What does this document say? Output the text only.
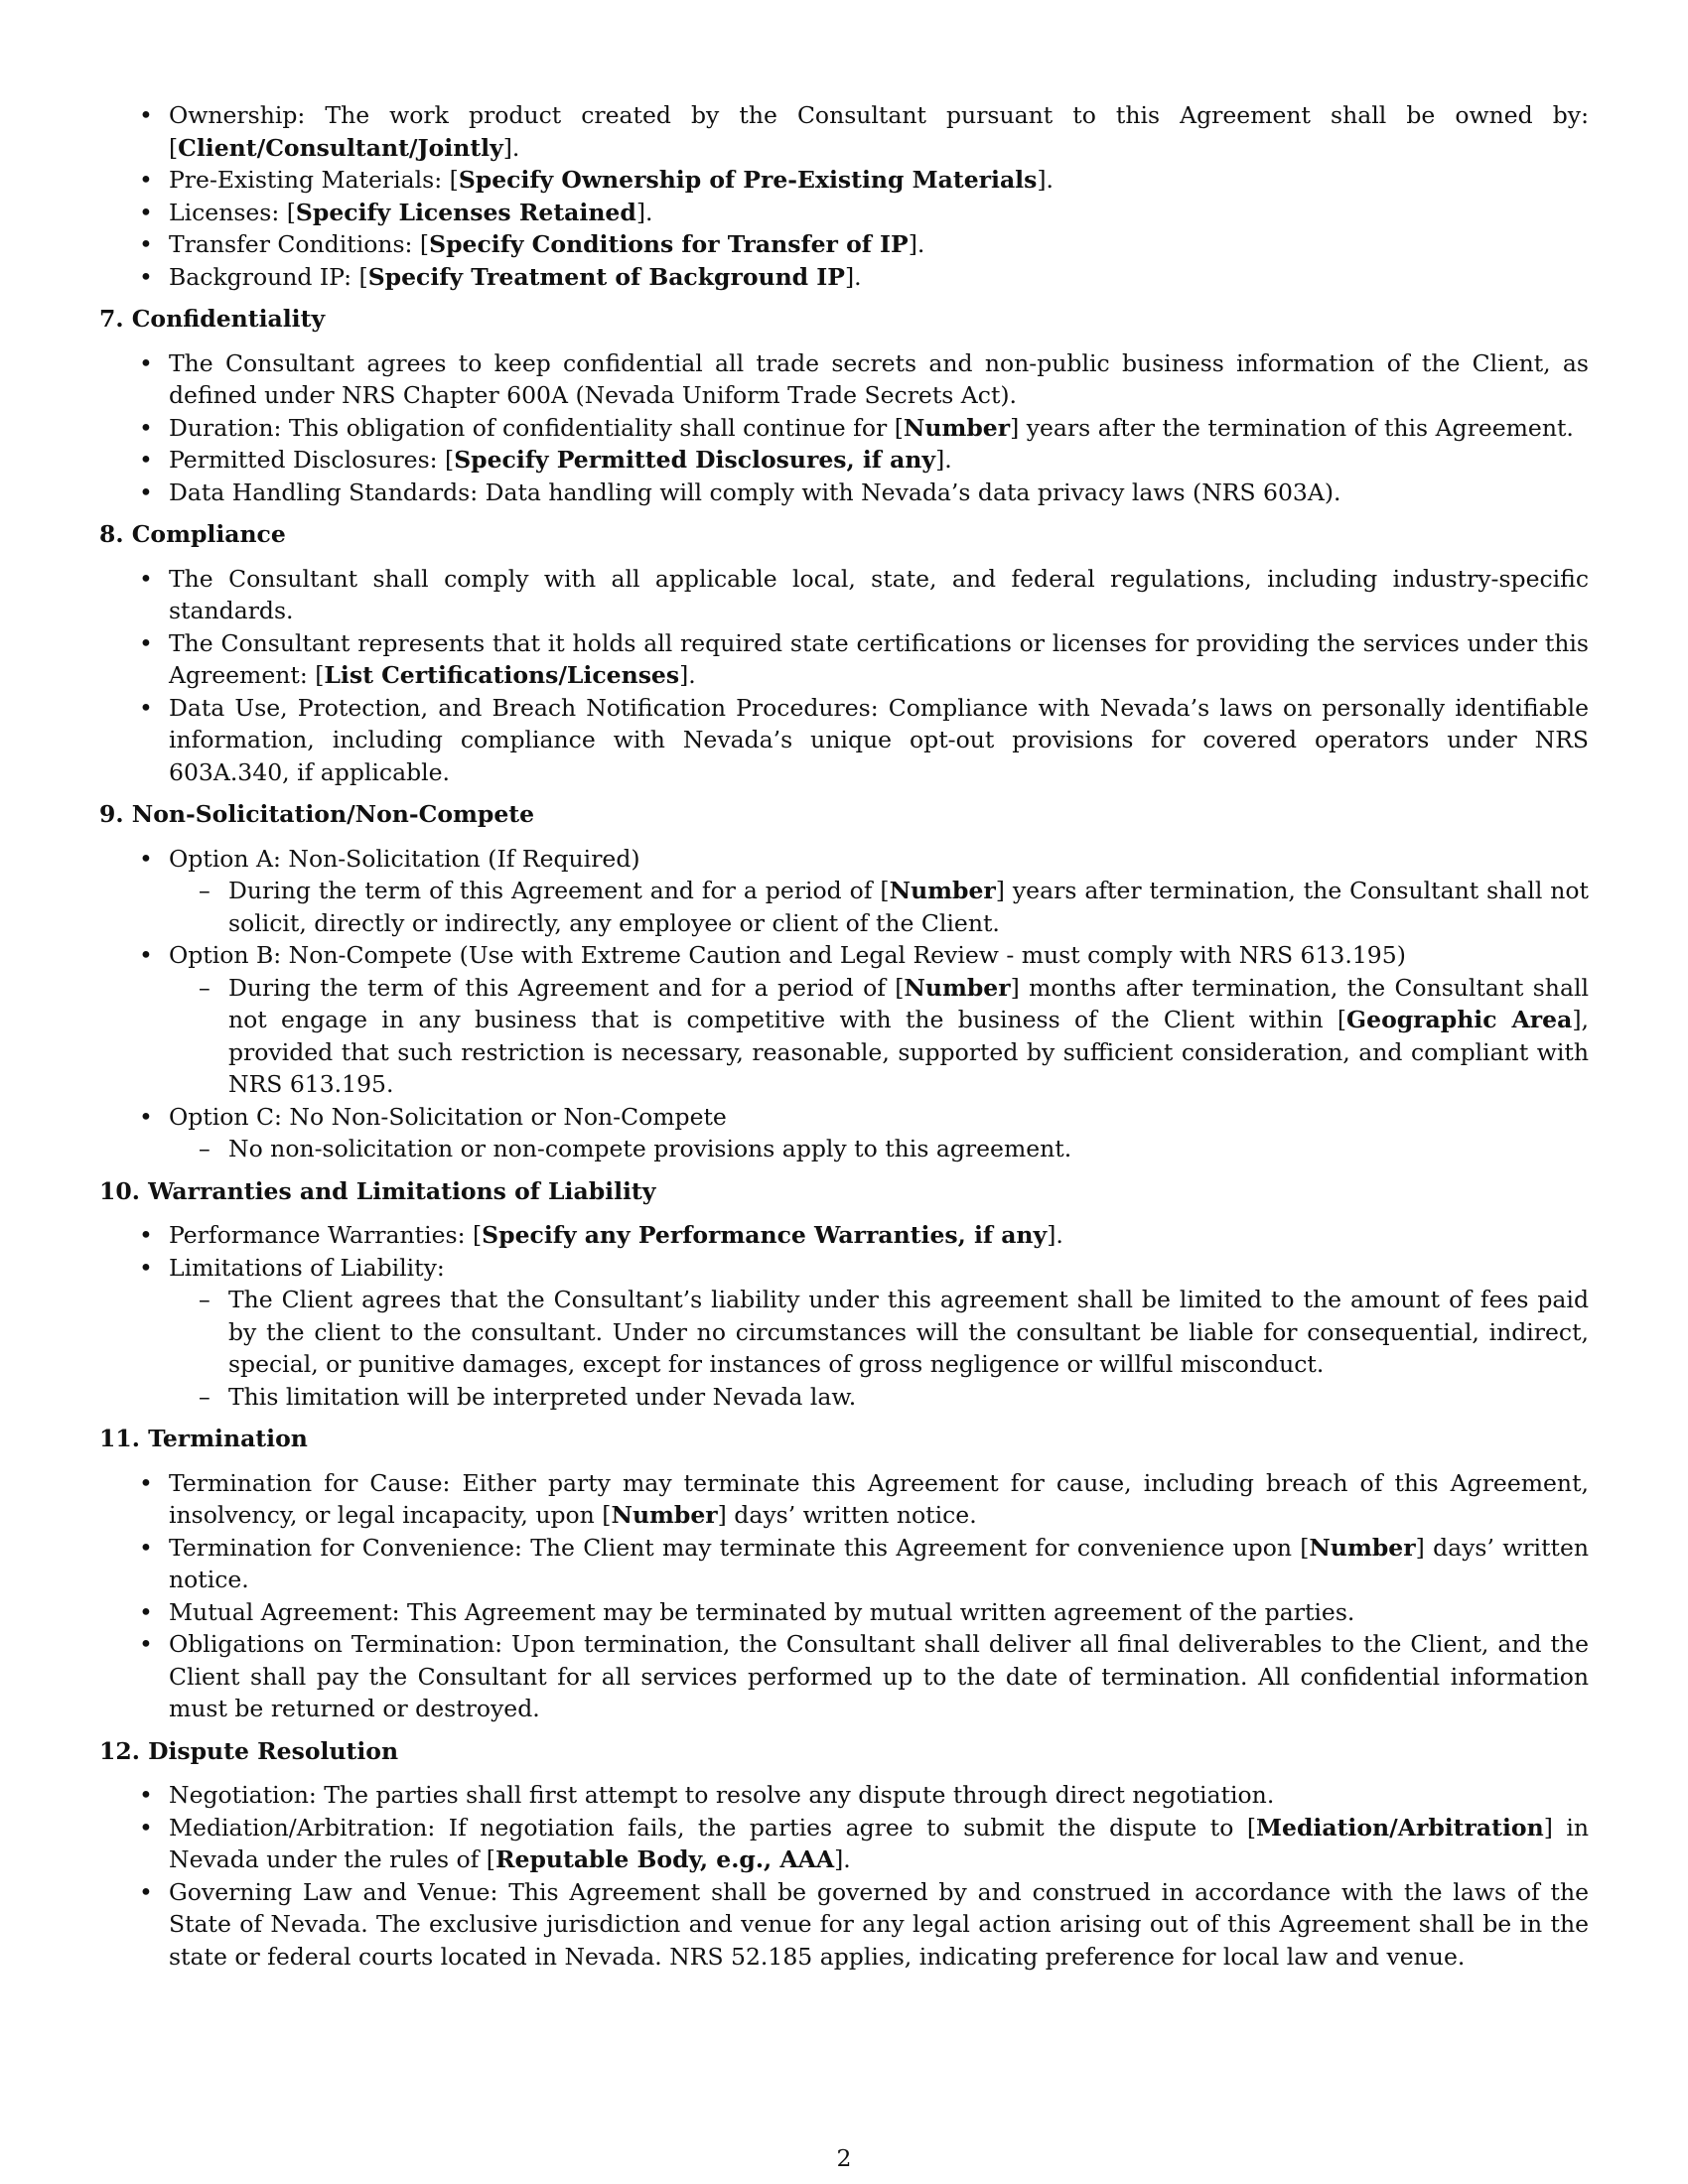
• Ownership: The work product created by the Consultant pursuant to this Agreement shall be owned by: [Client/Consultant/Jointly].
• Pre-Existing Materials: [Specify Ownership of Pre-Existing Materials].
• Licenses: [Specify Licenses Retained].
• Transfer Conditions: [Specify Conditions for Transfer of IP].
• Background IP: [Specify Treatment of Background IP].
7. Confidentiality
• The Consultant agrees to keep confidential all trade secrets and non-public business information of the Client, as defined under NRS Chapter 600A (Nevada Uniform Trade Secrets Act).
• Duration: This obligation of confidentiality shall continue for [Number] years after the termination of this Agreement.
• Permitted Disclosures: [Specify Permitted Disclosures, if any].
• Data Handling Standards: Data handling will comply with Nevada’s data privacy laws (NRS 603A).
8. Compliance
• The Consultant shall comply with all applicable local, state, and federal regulations, including industry-specific standards.
• The Consultant represents that it holds all required state certifications or licenses for providing the services under this Agreement: [List Certifications/Licenses].
• Data Use, Protection, and Breach Notification Procedures: Compliance with Nevada’s laws on personally identifiable information, including compliance with Nevada’s unique opt-out provisions for covered operators under NRS 603A.340, if applicable.
9. Non-Solicitation/Non-Compete
• Option A: Non-Solicitation (If Required)
– During the term of this Agreement and for a period of [Number] years after termination, the Consultant shall not solicit, directly or indirectly, any employee or client of the Client.
• Option B: Non-Compete (Use with Extreme Caution and Legal Review - must comply with NRS 613.195)
– During the term of this Agreement and for a period of [Number] months after termination, the Consultant shall not engage in any business that is competitive with the business of the Client within [Geographic Area], provided that such restriction is necessary, reasonable, supported by sufficient consideration, and compliant with NRS 613.195.
• Option C: No Non-Solicitation or Non-Compete
– No non-solicitation or non-compete provisions apply to this agreement.
10. Warranties and Limitations of Liability
• Performance Warranties: [Specify any Performance Warranties, if any].
• Limitations of Liability:
– The Client agrees that the Consultant’s liability under this agreement shall be limited to the amount of fees paid by the client to the consultant. Under no circumstances will the consultant be liable for consequential, indirect, special, or punitive damages, except for instances of gross negligence or willful misconduct.
– This limitation will be interpreted under Nevada law.
11. Termination
• Termination for Cause: Either party may terminate this Agreement for cause, including breach of this Agreement, insolvency, or legal incapacity, upon [Number] days’ written notice.
• Termination for Convenience: The Client may terminate this Agreement for convenience upon [Number] days’ written notice.
• Mutual Agreement: This Agreement may be terminated by mutual written agreement of the parties.
• Obligations on Termination: Upon termination, the Consultant shall deliver all final deliverables to the Client, and the Client shall pay the Consultant for all services performed up to the date of termination. All confidential information must be returned or destroyed.
12. Dispute Resolution
• Negotiation: The parties shall first attempt to resolve any dispute through direct negotiation.
• Mediation/Arbitration: If negotiation fails, the parties agree to submit the dispute to [Mediation/Arbitration] in Nevada under the rules of [Reputable Body, e.g., AAA].
• Governing Law and Venue: This Agreement shall be governed by and construed in accordance with the laws of the State of Nevada. The exclusive jurisdiction and venue for any legal action arising out of this Agreement shall be in the state or federal courts located in Nevada. NRS 52.185 applies, indicating preference for local law and venue.
2
